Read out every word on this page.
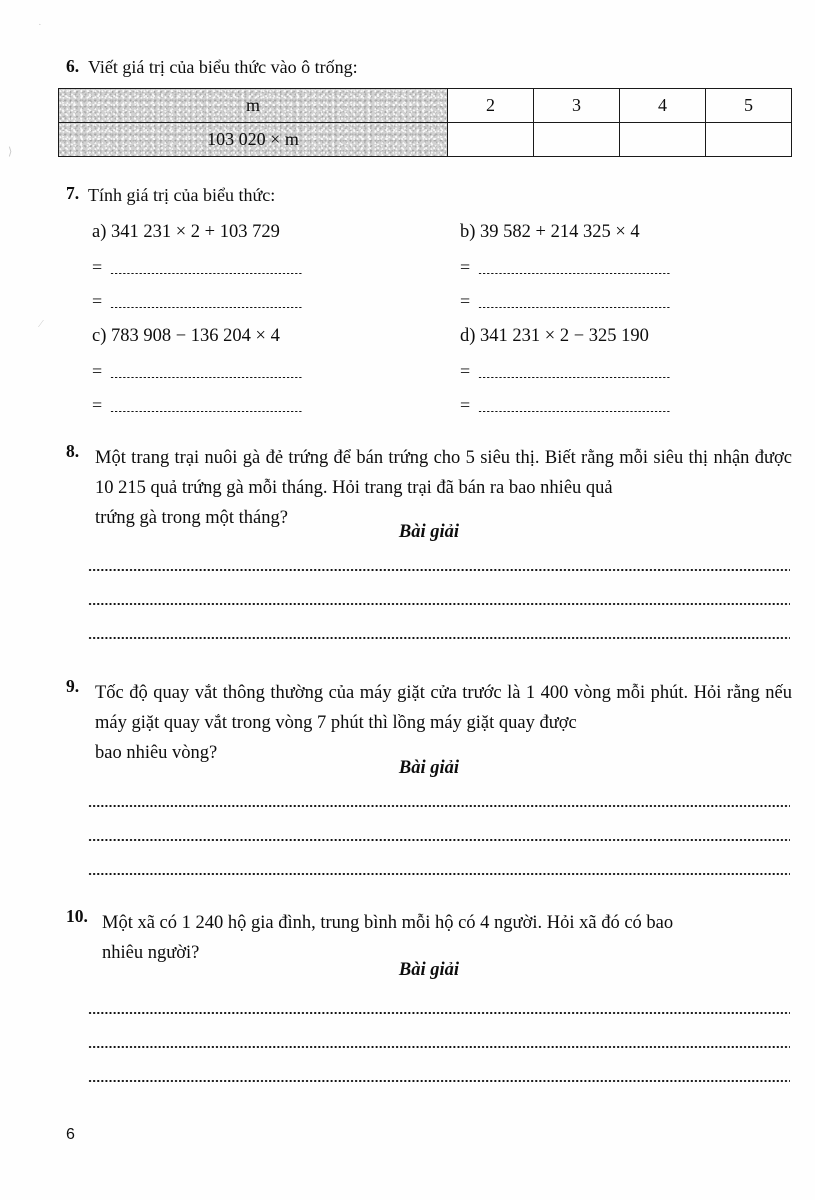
˙
⟩
⁄
6. Viết giá trị của biểu thức vào ô trống:
m	2	3	4	5
103 020 × m				
7. Tính giá trị của biểu thức:
a) 341 231 × 2 + 103 729
=
=
c) 783 908 − 136 204 × 4
=
=
b) 39 582 + 214 325 × 4
=
=
d) 341 231 × 2 − 325 190
=
=
8. Một trang trại nuôi gà đẻ trứng để bán trứng cho 5 siêu thị. Biết rằng mỗi siêu thị nhận được 10 215 quả trứng gà mỗi tháng. Hỏi trang trại đã bán ra bao nhiêu quả
trứng gà trong một tháng?
Bài giải
9. Tốc độ quay vắt thông thường của máy giặt cửa trước là 1 400 vòng mỗi phút. Hỏi rằng nếu máy giặt quay vắt trong vòng 7 phút thì lồng máy giặt quay được
bao nhiêu vòng?
Bài giải
10. Một xã có 1 240 hộ gia đình, trung bình mỗi hộ có 4 người. Hỏi xã đó có bao
nhiêu người?
Bài giải
6
